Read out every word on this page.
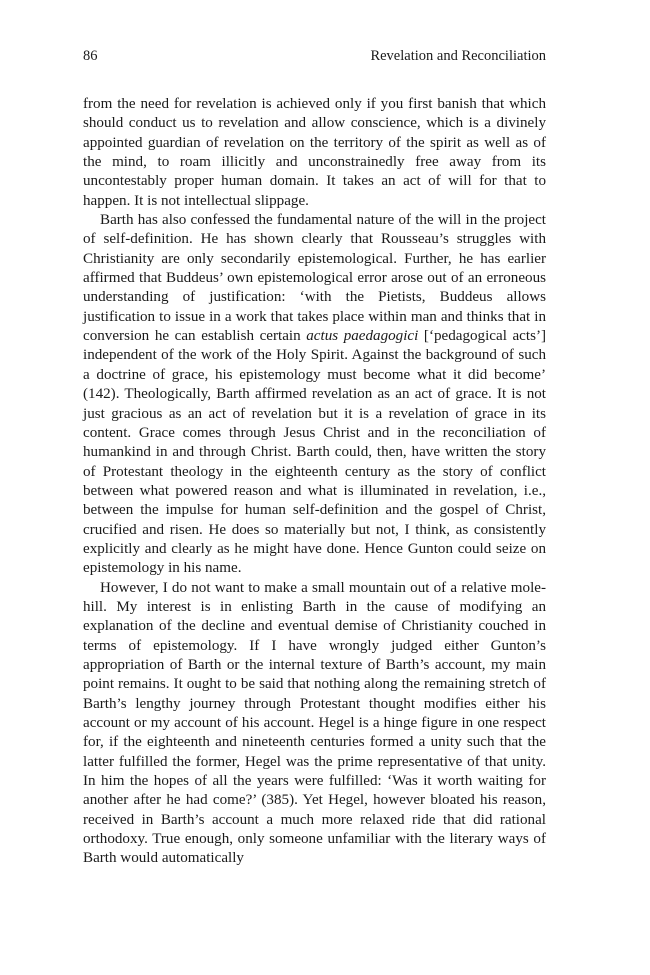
86	Revelation and Reconciliation

from the need for revelation is achieved only if you first banish that which should conduct us to revelation and allow conscience, which is a divinely appointed guardian of revelation on the territory of the spirit as well as of the mind, to roam illicitly and unconstrainedly free away from its uncontestably proper human domain. It takes an act of will for that to happen. It is not intellectual slippage.

Barth has also confessed the fundamental nature of the will in the project of self-definition. He has shown clearly that Rousseau’s struggles with Christianity are only secondarily epistemological. Further, he has earlier affirmed that Buddeus’ own epistemological error arose out of an erroneous understanding of justification: ‘with the Pietists, Buddeus allows justification to issue in a work that takes place within man and thinks that in conversion he can establish certain actus paedagogici [‘pedagogical acts’] independent of the work of the Holy Spirit. Against the background of such a doctrine of grace, his epistemology must become what it did become’ (142). Theologically, Barth affirmed revelation as an act of grace. It is not just gracious as an act of revelation but it is a revelation of grace in its content. Grace comes through Jesus Christ and in the reconciliation of humankind in and through Christ. Barth could, then, have written the story of Protestant theology in the eighteenth century as the story of conflict between what powered reason and what is illuminated in revelation, i.e., between the impulse for human self-definition and the gospel of Christ, crucified and risen. He does so materially but not, I think, as consistently explicitly and clearly as he might have done. Hence Gunton could seize on epistemology in his name.

However, I do not want to make a small mountain out of a relative mole-hill. My interest is in enlisting Barth in the cause of modifying an explanation of the decline and eventual demise of Christianity couched in terms of epistemology. If I have wrongly judged either Gunton’s appropriation of Barth or the internal texture of Barth’s account, my main point remains. It ought to be said that nothing along the remaining stretch of Barth’s lengthy journey through Protestant thought modifies either his account or my account of his account. Hegel is a hinge figure in one respect for, if the eighteenth and nineteenth centuries formed a unity such that the latter fulfilled the former, Hegel was the prime representative of that unity. In him the hopes of all the years were fulfilled: ‘Was it worth waiting for another after he had come?’ (385). Yet Hegel, however bloated his reason, received in Barth’s account a much more relaxed ride that did rational orthodoxy. True enough, only someone unfamiliar with the literary ways of Barth would automatically
